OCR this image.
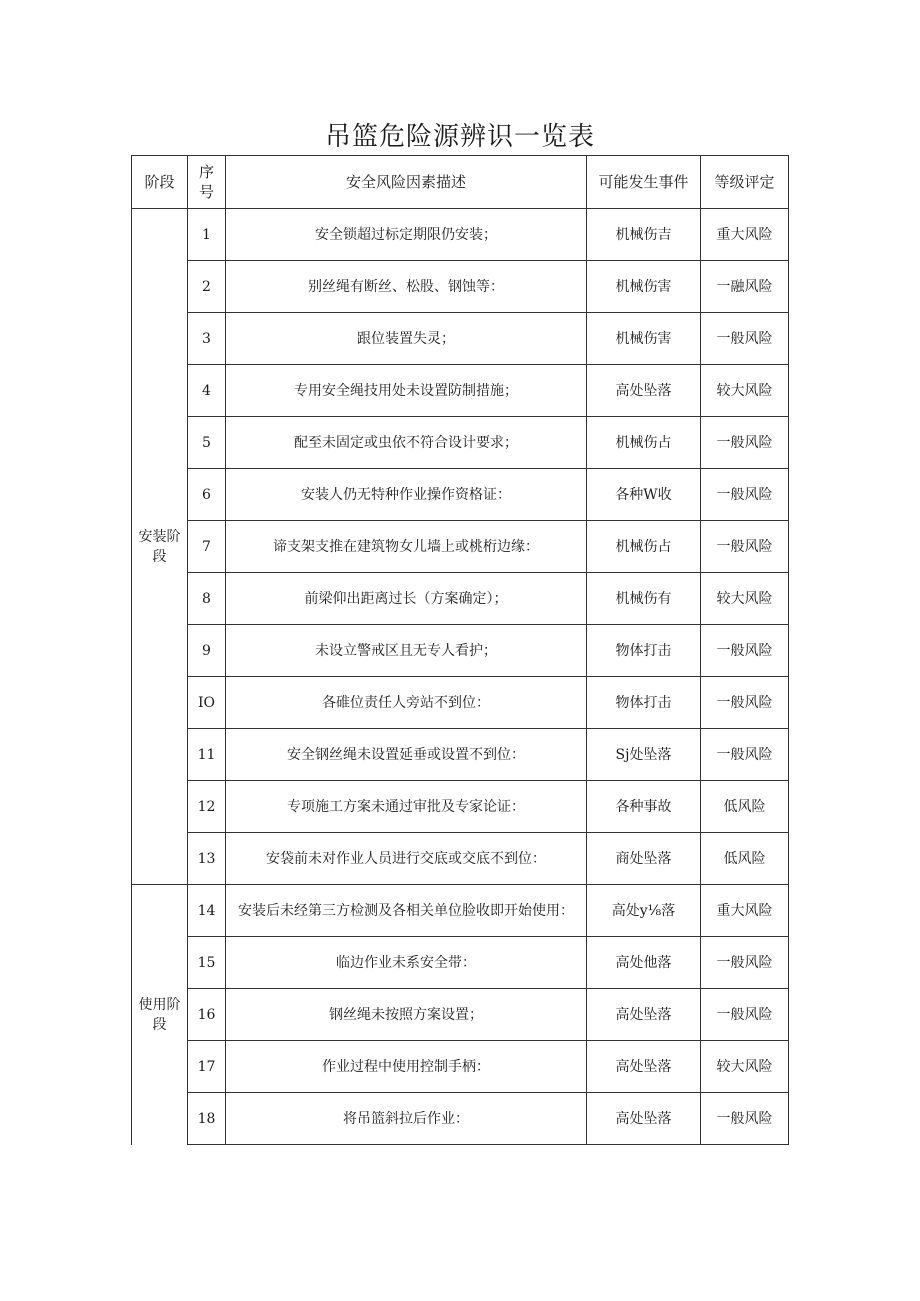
吊篮危险源辨识一览表
阶段	序号	安全风险因素描述	可能发生事件	等级评定
安装阶段	1	安全锁超过标定期限仍安装；	机械伤吉	重大风险
	2	别丝绳有断丝、松股、钢蚀等：	机械伤害	一融风险
	3	跟位装置失灵；	机械伤害	一般风险
	4	专用安全绳技用处未设置防制措施；	高处坠落	较大风险
	5	配至未固定或虫依不符合设计要求；	机械伤占	一般风险
	6	安装人仍无特种作业操作资格证：	各种W收	一般风险
	7	谛支架支推在建筑物女儿墙上或桃桁边缘：	机械伤占	一般风险
	8	前梁仰出距离过长（方案确定）；	机械伤有	较大风险
	9	未设立警戒区且无专人看护；	物体打击	一般风险
	IO	各碓位责任人旁站不到位：	物体打击	一般风险
	11	安全钢丝绳未设置延垂或设置不到位：	Sj处坠落	一般风险
	12	专项施工方案未通过审批及专家论证：	各种事故	低风险
	13	安袋前未对作业人员进行交底或交底不到位：	商处坠落	低风险
使用阶段	14	安装后未经第三方检测及各相关单位脸收即开始使用：	高处y⅛落	重大风险
	15	临边作业未系安全带：	高处他落	一般风险
	16	钢丝绳未按照方案设置；	高处坠落	一般风险
	17	作业过程中使用控制手柄：	高处坠落	较大风险
	18	将吊篮斜拉后作业：	高处坠落	一般风险
